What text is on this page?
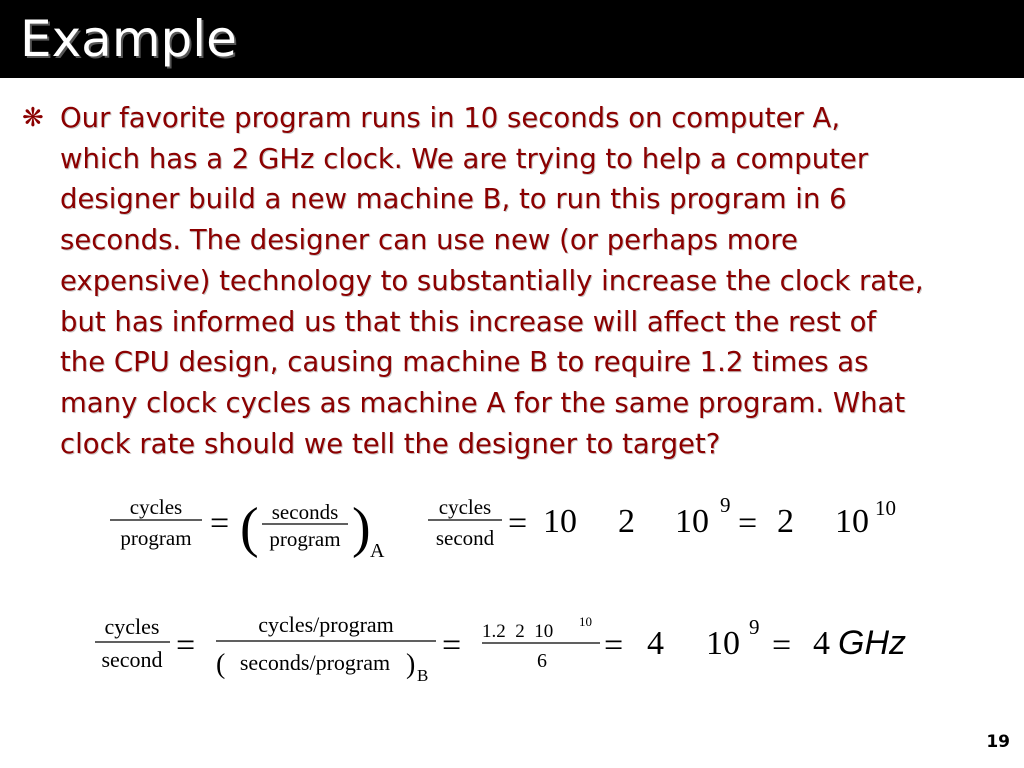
Example
❋ Our favorite program runs in 10 seconds on computer A,
which has a 2 GHz clock. We are trying to help a computer
designer build a new machine B, to run this program in 6
seconds. The designer can use new (or perhaps more
expensive) technology to substantially increase the clock rate,
but has informed us that this increase will affect the rest of
the CPU design, causing machine B to require 1.2 times as
many clock cycles as machine A for the same program. What
clock rate should we tell the designer to target?

cycles
program = ( seconds
program ) A
cycles
second = 10 2 10 9 = 2 10 10
cycles
second =
cycles/program
( seconds/program ) B
= 1.2  2  10 10
6 = 4 10 9 = 4 GHz
19
